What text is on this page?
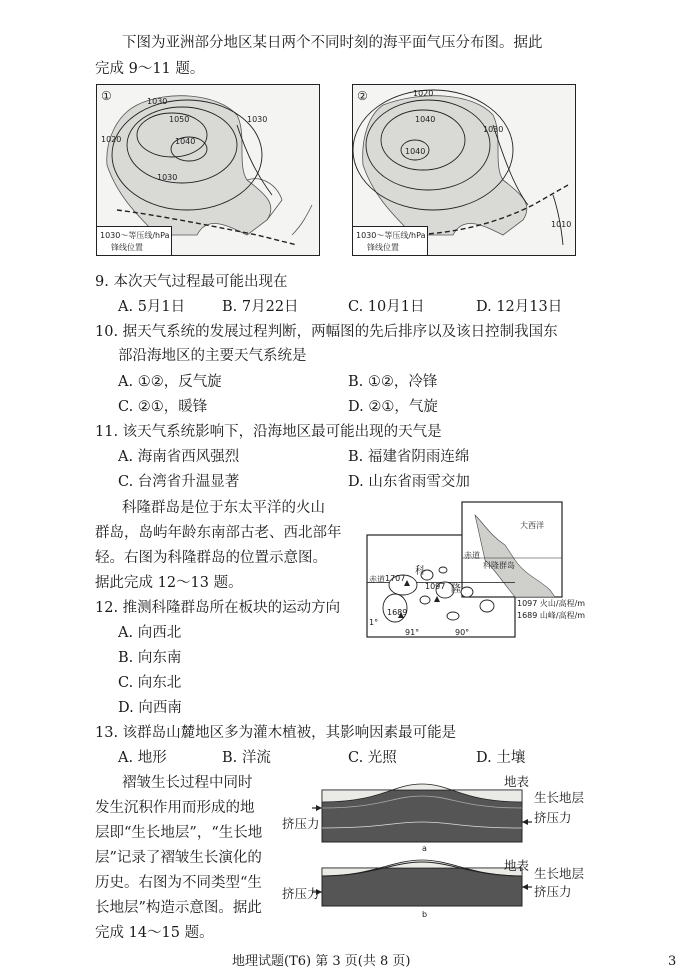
下图为亚洲部分地区某日两个不同时刻的海平面气压分布图。据此
完成 9～11 题。
①	1030
1050
1040
1030
1030
1020
1030～等压线/hPa
锋线位置
②	1020
1040
1040
1030
1010
1030～等压线/hPa
锋线位置
9. 本次天气过程最可能出现在
A. 5月1日	B. 7月22日	C. 10月1日	D. 12月13日
10. 据天气系统的发展过程判断，两幅图的先后排序以及该日控制我国东
部沿海地区的主要天气系统是
A. ①②，反气旋	B. ①②，冷锋
C. ②①，暖锋	D. ②①，气旋
11. 该天气系统影响下，沿海地区最可能出现的天气是
A. 海南省西风强烈	B. 福建省阴雨连绵
C. 台湾省升温显著	D. 山东省雨雪交加
科隆群岛是位于东太平洋的火山
群岛，岛屿年龄东南部古老、西北部年
轻。右图为科隆群岛的位置示意图。
据此完成 12～13 题。
大西洋
赤道
科隆群岛
赤道 1707
1097
1689
科
隆
91°	90°
1°
1097 火山/高程/m
1689 山峰/高程/m
12. 推测科隆群岛所在板块的运动方向
A. 向西北
B. 向东南
C. 向东北
D. 向西南
13. 该群岛山麓地区多为灌木植被，其影响因素最可能是
A. 地形	B. 洋流	C. 光照	D. 土壤
褶皱生长过程中同时
发生沉积作用而形成的地
层即“生长地层”，“生长地
层”记录了褶皱生长演化的
历史。右图为不同类型“生
长地层”构造示意图。据此
完成 14～15 题。
地表
生长地层
挤压力	挤压力
a
地表
生长地层
挤压力	挤压力
b
地理试题(T6) 第 3 页(共 8 页)	3
